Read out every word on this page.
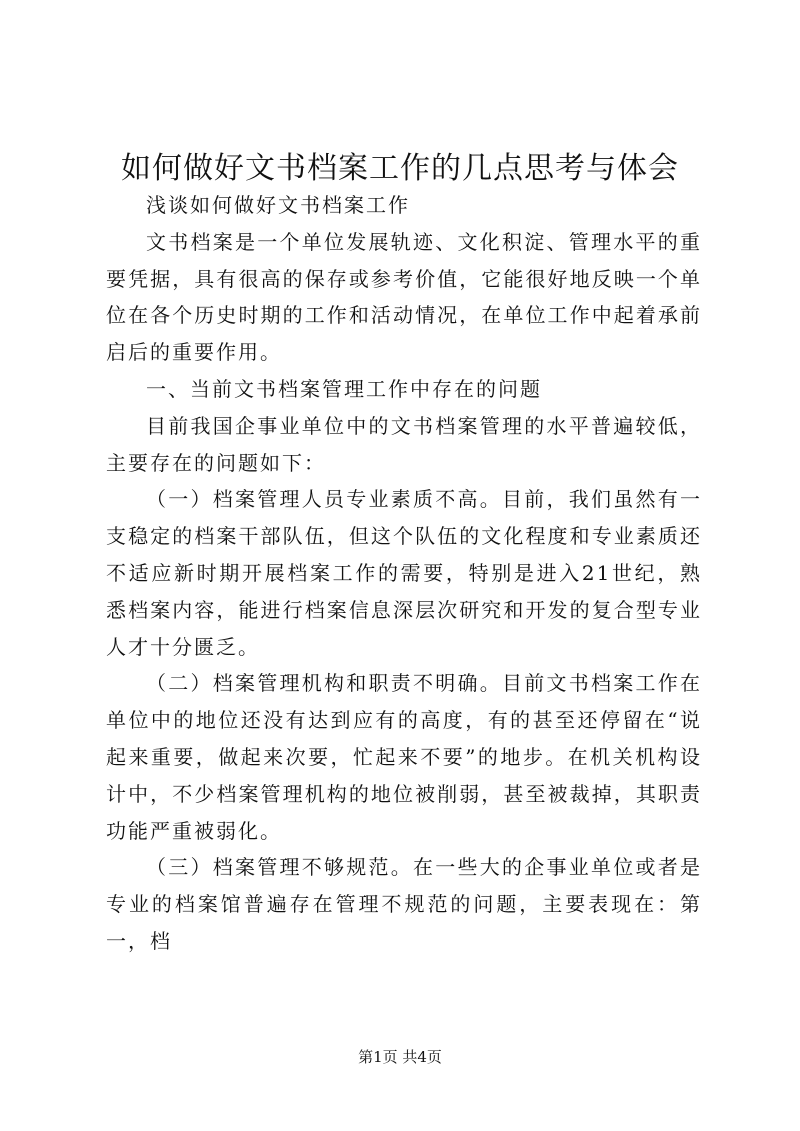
如何做好文书档案工作的几点思考与体会

浅谈如何做好文书档案工作

文书档案是一个单位发展轨迹、文化积淀、管理水平的重要凭据，具有很高的保存或参考价值，它能很好地反映一个单位在各个历史时期的工作和活动情况，在单位工作中起着承前启后的重要作用。

一、当前文书档案管理工作中存在的问题

目前我国企事业单位中的文书档案管理的水平普遍较低，主要存在的问题如下：

（一）档案管理人员专业素质不高。目前，我们虽然有一支稳定的档案干部队伍，但这个队伍的文化程度和专业素质还不适应新时期开展档案工作的需要，特别是进入21世纪，熟悉档案内容，能进行档案信息深层次研究和开发的复合型专业人才十分匮乏。

（二）档案管理机构和职责不明确。目前文书档案工作在单位中的地位还没有达到应有的高度，有的甚至还停留在“说起来重要，做起来次要，忙起来不要”的地步。在机关机构设计中，不少档案管理机构的地位被削弱，甚至被裁掉，其职责功能严重被弱化。

（三）档案管理不够规范。在一些大的企事业单位或者是专业的档案馆普遍存在管理不规范的问题，主要表现在：第一，档

第1页 共4页
